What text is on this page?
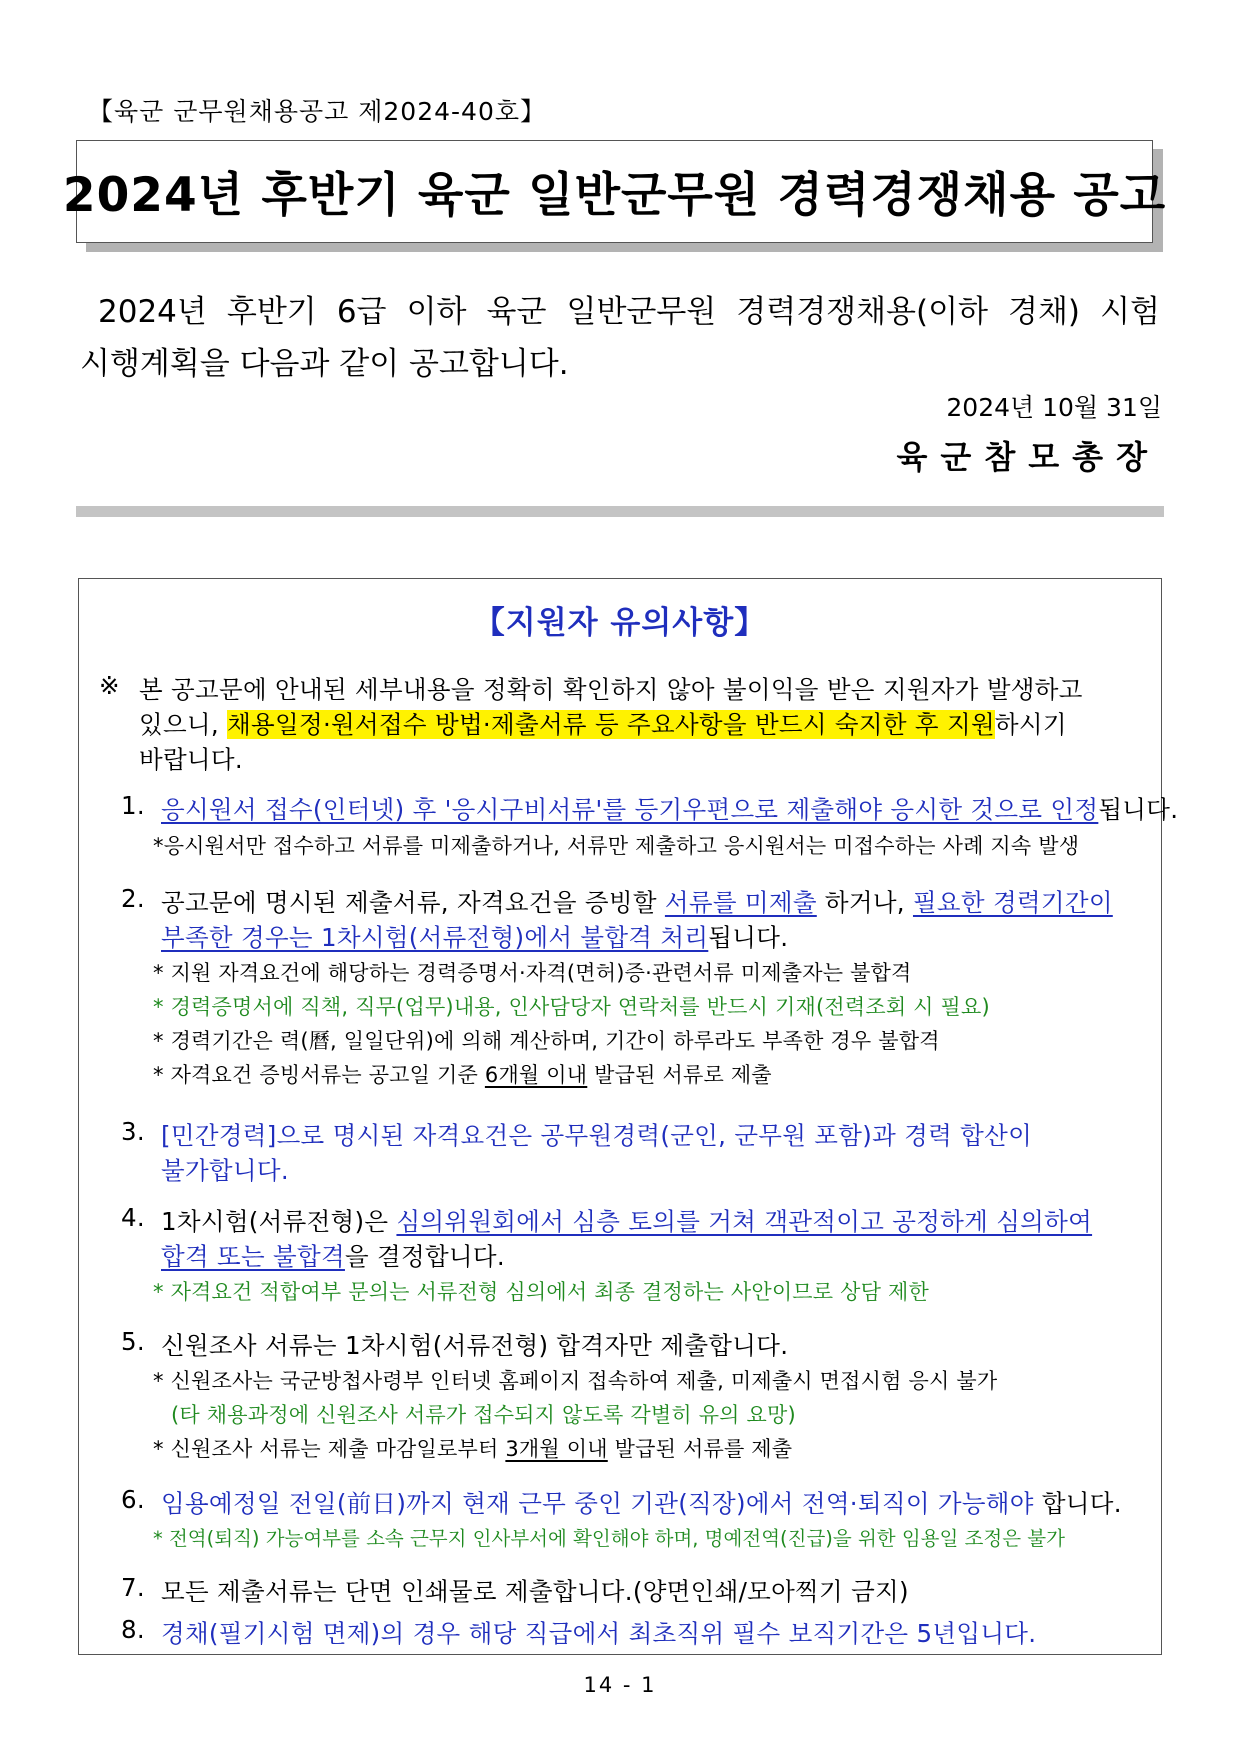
【육군 군무원채용공고 제2024-40호】
2024년 후반기 육군 일반군무원 경력경쟁채용 공고
2024년 후반기 6급 이하 육군 일반군무원 경력경쟁채용(이하 경채) 시험
시행계획을 다음과 같이 공고합니다.
2024년 10월 31일
육군참모총장
【지원자 유의사항】
※ 본 공고문에 안내된 세부내용을 정확히 확인하지 않아 불이익을 받은 지원자가 발생하고
있으니, 채용일정·원서접수 방법·제출서류 등 주요사항을 반드시 숙지한 후 지원하시기
바랍니다.
1. 응시원서 접수(인터넷) 후 '응시구비서류'를 등기우편으로 제출해야 응시한 것으로 인정됩니다.
*응시원서만 접수하고 서류를 미제출하거나, 서류만 제출하고 응시원서는 미접수하는 사례 지속 발생
2. 공고문에 명시된 제출서류, 자격요건을 증빙할 서류를 미제출 하거나, 필요한 경력기간이
부족한 경우는 1차시험(서류전형)에서 불합격 처리됩니다.
* 지원 자격요건에 해당하는 경력증명서·자격(면허)증·관련서류 미제출자는 불합격
* 경력증명서에 직책, 직무(업무)내용, 인사담당자 연락처를 반드시 기재(전력조회 시 필요)
* 경력기간은 력(曆, 일일단위)에 의해 계산하며, 기간이 하루라도 부족한 경우 불합격
* 자격요건 증빙서류는 공고일 기준 6개월 이내 발급된 서류로 제출
3. [민간경력]으로 명시된 자격요건은 공무원경력(군인, 군무원 포함)과 경력 합산이
불가합니다.
4. 1차시험(서류전형)은 심의위원회에서 심층 토의를 거쳐 객관적이고 공정하게 심의하여
합격 또는 불합격을 결정합니다.
* 자격요건 적합여부 문의는 서류전형 심의에서 최종 결정하는 사안이므로 상담 제한
5. 신원조사 서류는 1차시험(서류전형) 합격자만 제출합니다.
* 신원조사는 국군방첩사령부 인터넷 홈페이지 접속하여 제출, 미제출시 면접시험 응시 불가
(타 채용과정에 신원조사 서류가 접수되지 않도록 각별히 유의 요망)
* 신원조사 서류는 제출 마감일로부터 3개월 이내 발급된 서류를 제출
6. 임용예정일 전일(前日)까지 현재 근무 중인 기관(직장)에서 전역·퇴직이 가능해야 합니다.
* 전역(퇴직) 가능여부를 소속 근무지 인사부서에 확인해야 하며, 명예전역(진급)을 위한 임용일 조정은 불가
7. 모든 제출서류는 단면 인쇄물로 제출합니다.(양면인쇄/모아찍기 금지)
8. 경채(필기시험 면제)의 경우 해당 직급에서 최초직위 필수 보직기간은 5년입니다.
14 - 1
